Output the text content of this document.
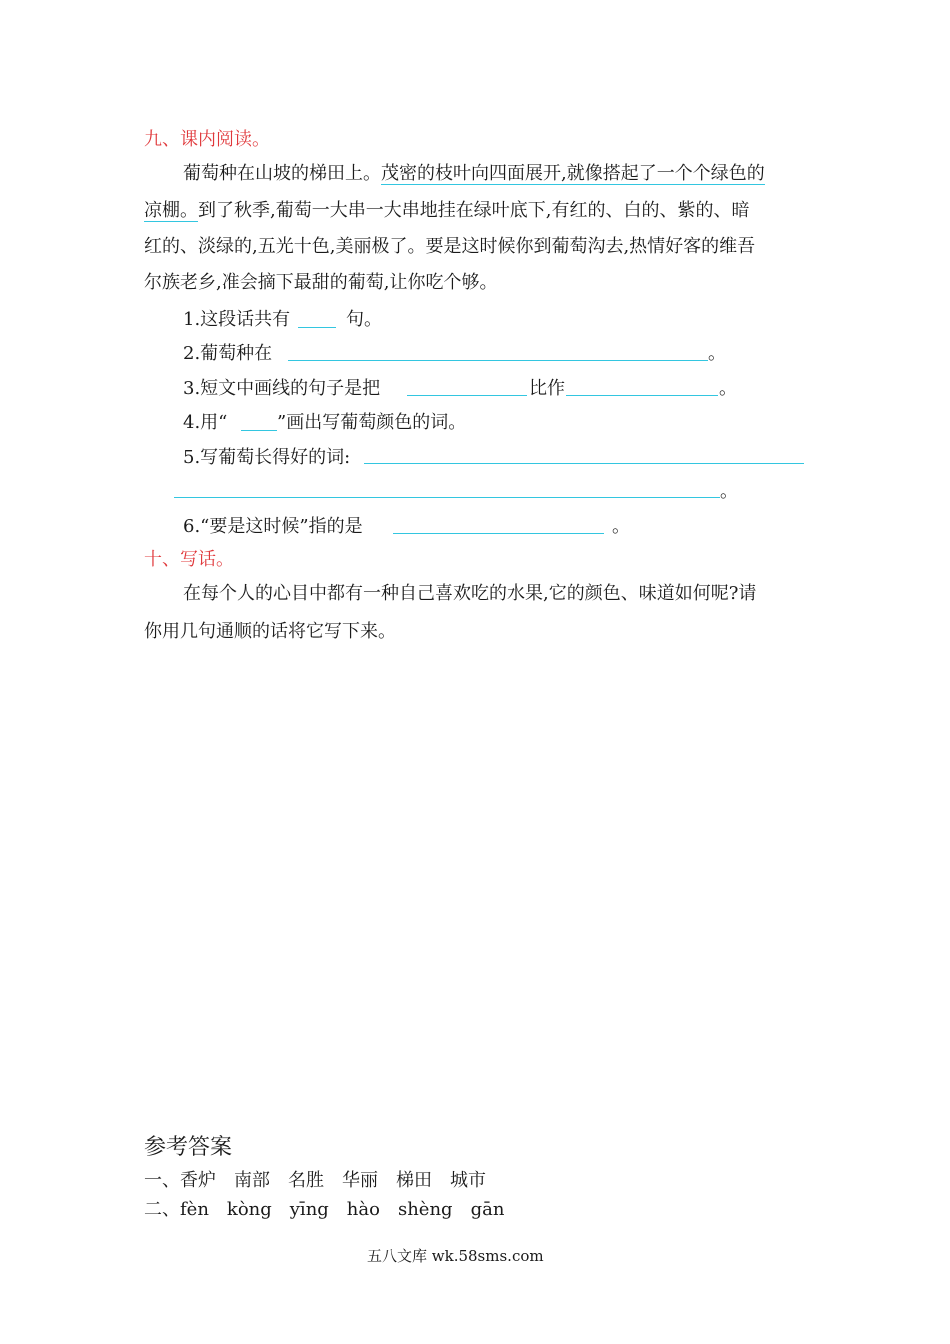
九、课内阅读。
葡萄种在山坡的梯田上。茂密的枝叶向四面展开,就像搭起了一个个绿色的
凉棚。到了秋季,葡萄一大串一大串地挂在绿叶底下,有红的、白的、紫的、暗
红的、淡绿的,五光十色,美丽极了。要是这时候你到葡萄沟去,热情好客的维吾
尔族老乡,准会摘下最甜的葡萄,让你吃个够。
1.这段话共有	句。
2.葡萄种在	。
3.短文中画线的句子是把	比作	。
4.用“	”画出写葡萄颜色的词。
5.写葡萄长得好的词:
。
6.“要是这时候”指的是	。
十、写话。
在每个人的心目中都有一种自己喜欢吃的水果,它的颜色、味道如何呢?请
你用几句通顺的话将它写下来。
参考答案
一、香炉　南部　名胜　华丽　梯田　城市
二、fèn　kòng　yīng　hào　shèng　gān
五八文库 wk.58sms.com
